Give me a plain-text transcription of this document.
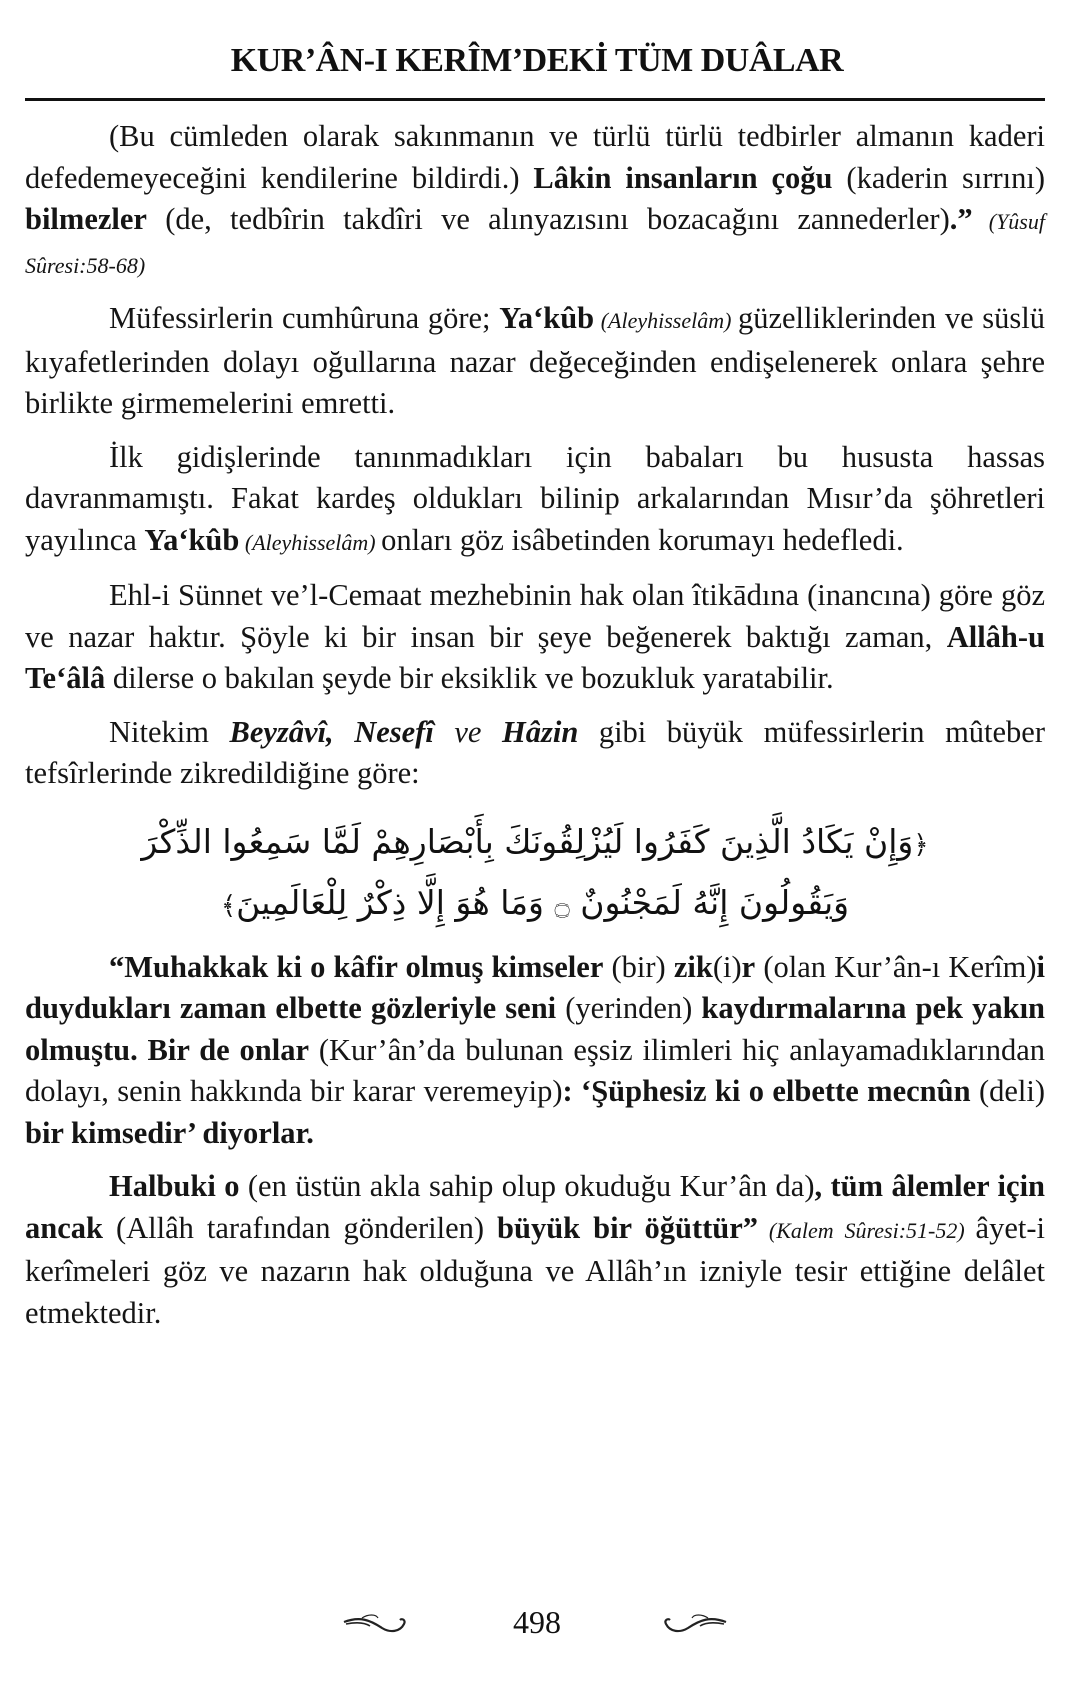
KUR’ÂN-I KERÎM’DEKİ TÜM DUÂLAR

(Bu cümleden olarak sakınmanın ve türlü türlü tedbirler almanın kaderi defedemeyeceğini kendilerine bildirdi.) Lâkin insanların çoğu (kaderin sırrını) bilmezler (de, tedbîrin takdîri ve alınyazısını bozacağını zannederler).” (Yûsuf Sûresi:58-68)

Müfessirlerin cumhûruna göre; Ya‘kûb (Aleyhisselâm) güzelliklerinden ve süslü kıyafetlerinden dolayı oğullarına nazar değeceğinden endişelenerek onlara şehre birlikte girmemelerini emretti.

İlk gidişlerinde tanınmadıkları için babaları bu hususta hassas davranmamıştı. Fakat kardeş oldukları bilinip arkalarından Mısır’da şöhretleri yayılınca Ya‘kûb (Aleyhisselâm) onları göz isâbetinden korumayı hedefledi.

Ehl-i Sünnet ve’l-Cemaat mezhebinin hak olan îtikādına (inancına) göre göz ve nazar haktır. Şöyle ki bir insan bir şeye beğenerek baktığı zaman, Allâh-u Te‘âlâ dilerse o bakılan şeyde bir eksiklik ve bozukluk yaratabilir.

Nitekim Beyzâvî, Nesefî ve Hâzin gibi büyük müfessirlerin mûteber tefsîrlerinde zikredildiğine göre:

﴿وَإِنْ يَكَادُ الَّذِينَ كَفَرُوا لَيُزْلِقُونَكَ بِأَبْصَارِهِمْ لَمَّا سَمِعُوا الذِّكْرَ
وَيَقُولُونَ إِنَّهُ لَمَجْنُونٌ ۝ وَمَا هُوَ إِلَّا ذِكْرٌ لِلْعَالَمِينَ﴾

“Muhakkak ki o kâfir olmuş kimseler (bir) zik(i)r (olan Kur’ân-ı Kerîm)i duydukları zaman elbette gözleriyle seni (yerinden) kaydırmalarına pek yakın olmuştu. Bir de onlar (Kur’ân’da bulunan eşsiz ilimleri hiç anlayamadıklarından dolayı, senin hakkında bir karar veremeyip): ‘Şüphesiz ki o elbette mecnûn (deli) bir kimsedir’ diyorlar.

Halbuki o (en üstün akla sahip olup okuduğu Kur’ân da), tüm âlemler için ancak (Allâh tarafından gönderilen) büyük bir öğüttür” (Kalem Sûresi:51-52) âyet-i kerîmeleri göz ve nazarın hak olduğuna ve Allâh’ın izniyle tesir ettiğine delâlet etmektedir.

498
